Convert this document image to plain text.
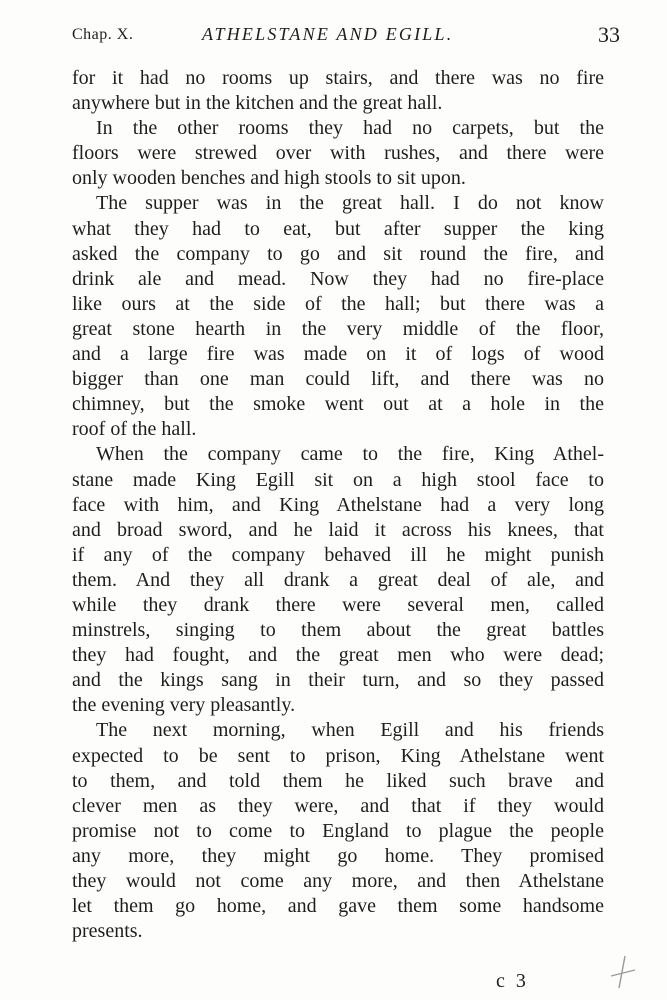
Chap. X.	ATHELSTANE AND EGILL.	33
for it had no rooms up stairs, and there was no fire
anywhere but in the kitchen and the great hall.
In the other rooms they had no carpets, but the
floors were strewed over with rushes, and there were
only wooden benches and high stools to sit upon.
The supper was in the great hall. I do not know
what they had to eat, but after supper the king
asked the company to go and sit round the fire, and
drink ale and mead. Now they had no fire-place
like ours at the side of the hall; but there was a
great stone hearth in the very middle of the floor,
and a large fire was made on it of logs of wood
bigger than one man could lift, and there was no
chimney, but the smoke went out at a hole in the
roof of the hall.
When the company came to the fire, King Athel-
stane made King Egill sit on a high stool face to
face with him, and King Athelstane had a very long
and broad sword, and he laid it across his knees, that
if any of the company behaved ill he might punish
them. And they all drank a great deal of ale, and
while they drank there were several men, called
minstrels, singing to them about the great battles
they had fought, and the great men who were dead;
and the kings sang in their turn, and so they passed
the evening very pleasantly.
The next morning, when Egill and his friends
expected to be sent to prison, King Athelstane went
to them, and told them he liked such brave and
clever men as they were, and that if they would
promise not to come to England to plague the people
any more, they might go home. They promised
they would not come any more, and then Athelstane
let them go home, and gave them some handsome
presents.
c 3
